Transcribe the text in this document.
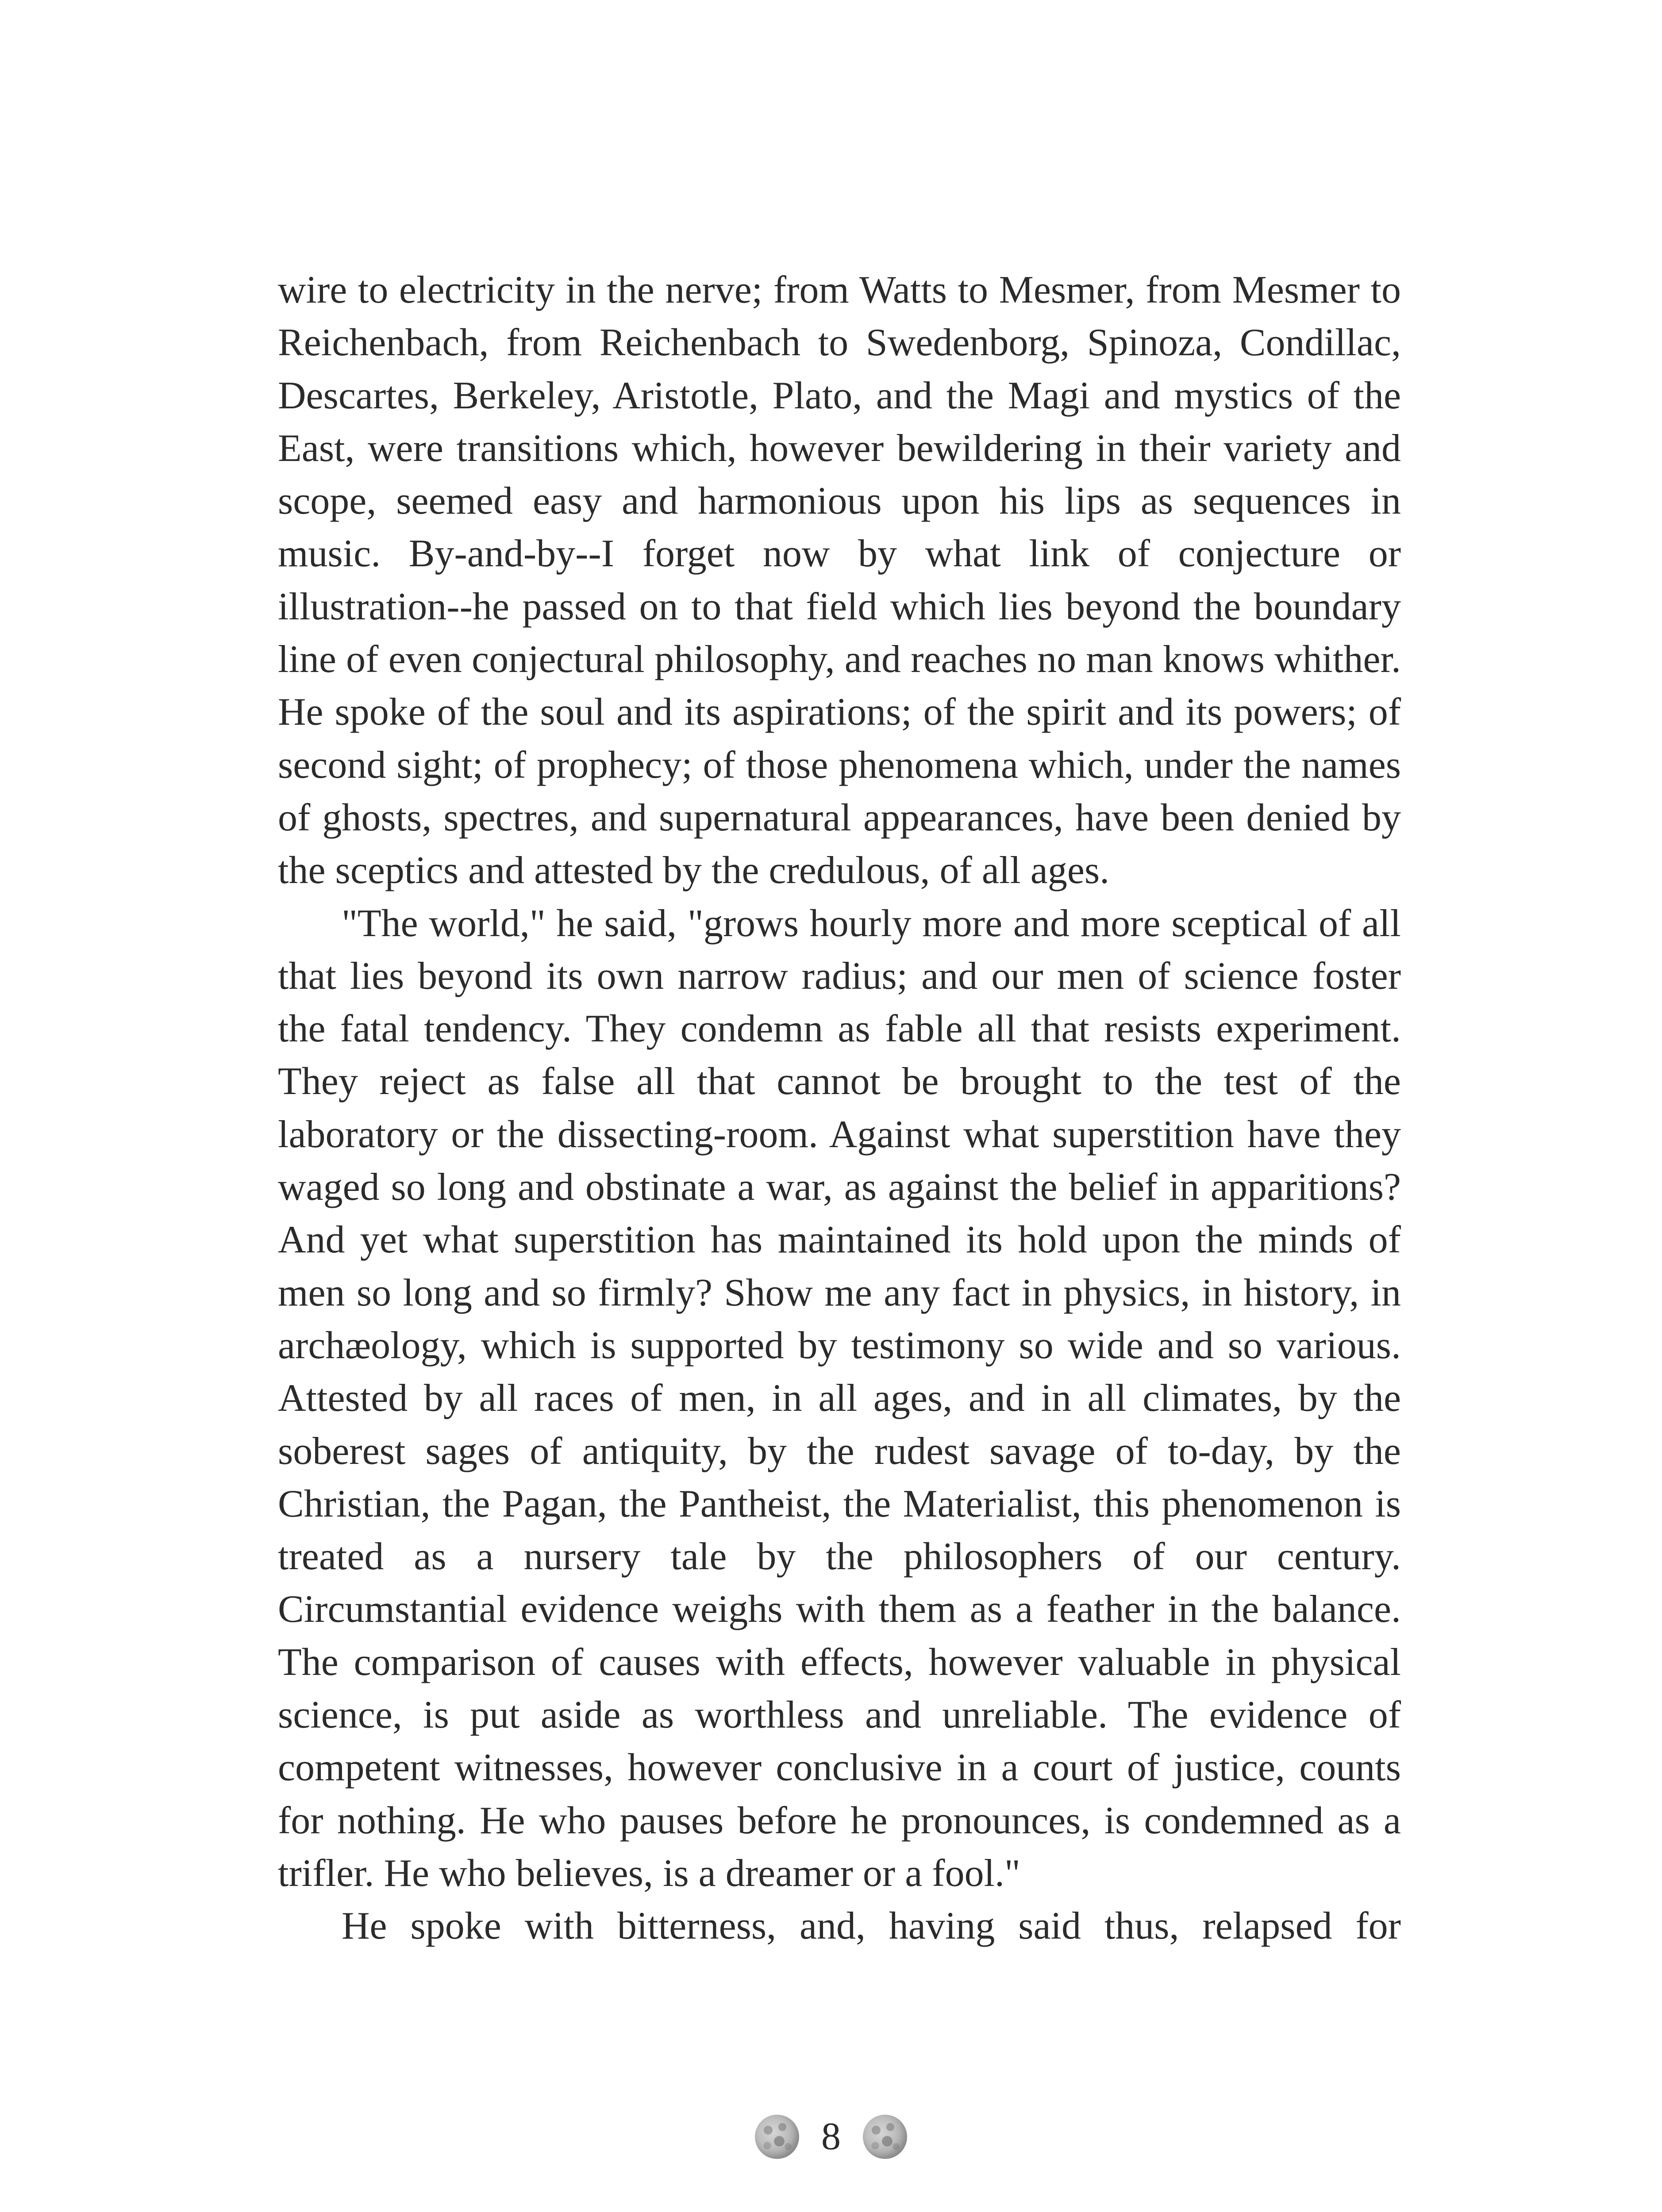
wire to electricity in the nerve; from Watts to Mesmer, from Mesmer to Reichenbach, from Reichenbach to Swedenborg, Spinoza, Condillac, Descartes, Berkeley, Aristotle, Plato, and the Magi and mystics of the East, were transitions which, however bewildering in their variety and scope, seemed easy and harmonious upon his lips as sequences in music. By-and-by--I forget now by what link of conjecture or illustration--he passed on to that field which lies beyond the boundary line of even conjectural philosophy, and reaches no man knows whither. He spoke of the soul and its aspirations; of the spirit and its powers; of second sight; of prophecy; of those phenomena which, under the names of ghosts, spectres, and supernatural appearances, have been denied by the sceptics and attested by the credulous, of all ages.

"The world," he said, "grows hourly more and more sceptical of all that lies beyond its own narrow radius; and our men of science foster the fatal tendency. They condemn as fable all that resists experiment. They reject as false all that cannot be brought to the test of the laboratory or the dissecting-room. Against what superstition have they waged so long and obstinate a war, as against the belief in apparitions? And yet what superstition has maintained its hold upon the minds of men so long and so firmly? Show me any fact in physics, in history, in archæology, which is supported by testimony so wide and so various. Attested by all races of men, in all ages, and in all climates, by the soberest sages of antiquity, by the rudest savage of to-day, by the Christian, the Pagan, the Pantheist, the Materialist, this phenomenon is treated as a nursery tale by the philosophers of our century. Circumstantial evidence weighs with them as a feather in the balance. The comparison of causes with effects, however valuable in physical science, is put aside as worthless and unreliable. The evidence of competent witnesses, however conclusive in a court of justice, counts for nothing. He who pauses before he pronounces, is condemned as a trifler. He who believes, is a dreamer or a fool."

He spoke with bitterness, and, having said thus, relapsed for

8
